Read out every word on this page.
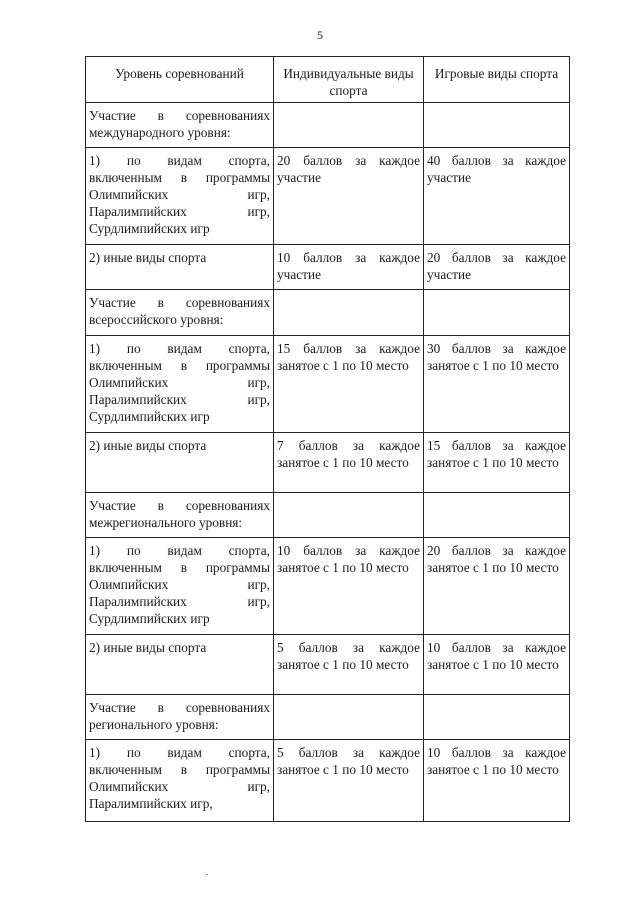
5
Уровень соревнований	Индивидуальные виды спорта	Игровые виды спорта
Участие в соревнованиях международного уровня:		
1) по видам спорта, включенным в программы Олимпийских игр, Паралимпийских игр, Сурдлимпийских игр	20 баллов за каждое участие	40 баллов за каждое участие
2) иные виды спорта	10 баллов за каждое участие	20 баллов за каждое участие
Участие в соревнованиях всероссийского уровня:		
1) по видам спорта, включенным в программы Олимпийских игр, Паралимпийских игр, Сурдлимпийских игр	15 баллов за каждое занятое с 1 по 10 место	30 баллов за каждое занятое с 1 по 10 место
2) иные виды спорта	7 баллов за каждое занятое с 1 по 10 место	15 баллов за каждое занятое с 1 по 10 место
Участие в соревнованиях межрегионального уровня:		
1) по видам спорта, включенным в программы Олимпийских игр, Паралимпийских игр, Сурдлимпийских игр	10 баллов за каждое занятое с 1 по 10 место	20 баллов за каждое занятое с 1 по 10 место
2) иные виды спорта	5 баллов за каждое занятое с 1 по 10 место	10 баллов за каждое занятое с 1 по 10 место
Участие в соревнованиях регионального уровня:		
1) по видам спорта, включенным в программы Олимпийских игр, Паралимпийских игр,	5 баллов за каждое занятое с 1 по 10 место	10 баллов за каждое занятое с 1 по 10 место
